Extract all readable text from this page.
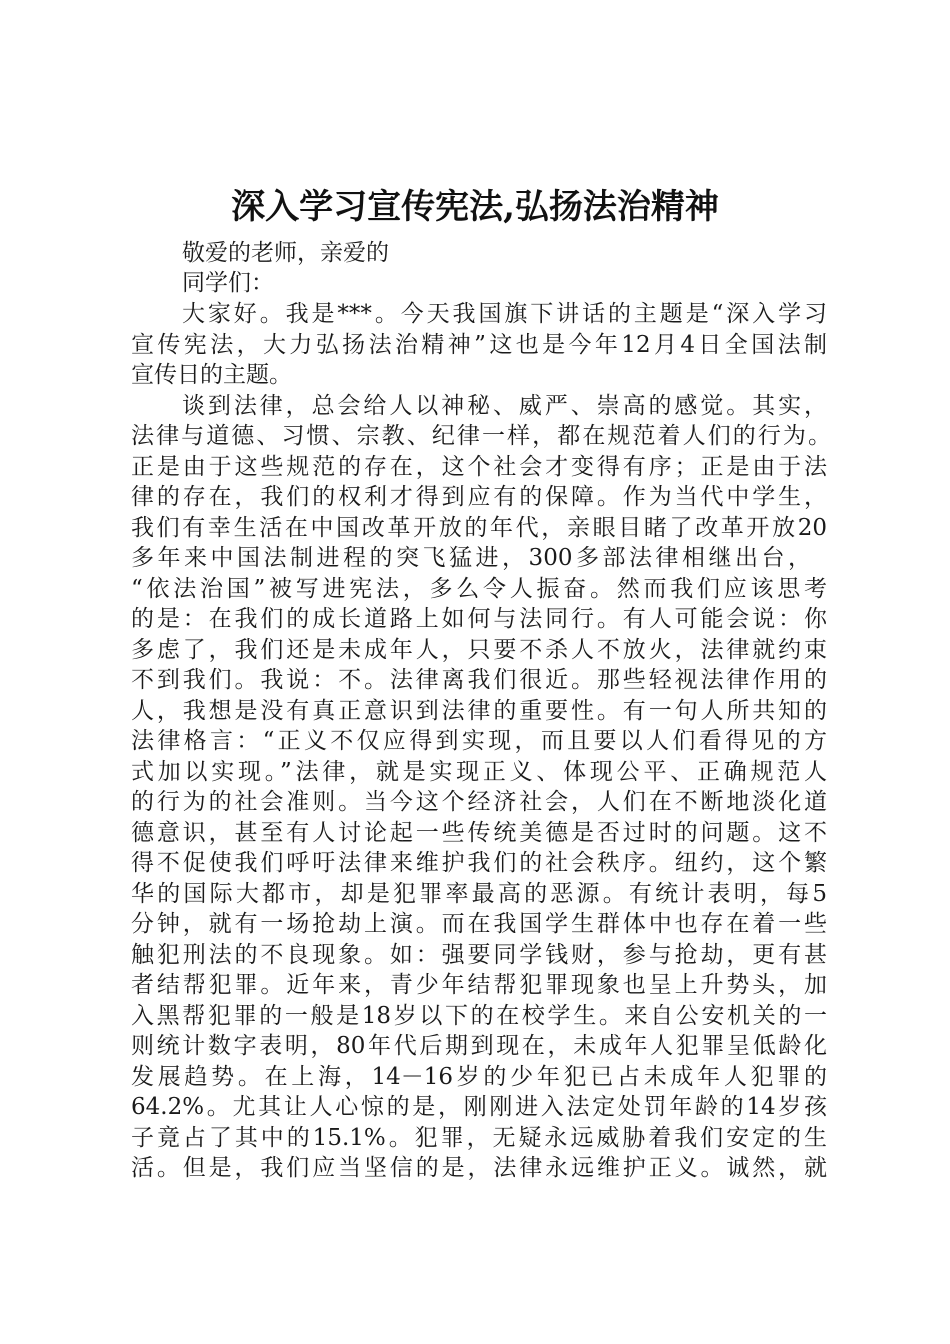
深入学习宣传宪法,弘扬法治精神

敬爱的老师，亲爱的

同学们：

大家好。我是***。今天我国旗下讲话的主题是“深入学习

宣传宪法，大力弘扬法治精神”这也是今年12月4日全国法制

宣传日的主题。

谈到法律，总会给人以神秘、威严、崇高的感觉。其实，

法律与道德、习惯、宗教、纪律一样，都在规范着人们的行为。

正是由于这些规范的存在，这个社会才变得有序；正是由于法

律的存在，我们的权利才得到应有的保障。作为当代中学生，

我们有幸生活在中国改革开放的年代，亲眼目睹了改革开放20

多年来中国法制进程的突飞猛进，300多部法律相继出台，

“依法治国”被写进宪法，多么令人振奋。然而我们应该思考

的是：在我们的成长道路上如何与法同行。有人可能会说：你

多虑了，我们还是未成年人，只要不杀人不放火，法律就约束

不到我们。我说：不。法律离我们很近。那些轻视法律作用的

人，我想是没有真正意识到法律的重要性。有一句人所共知的

法律格言：“正义不仅应得到实现，而且要以人们看得见的方

式加以实现。”法律，就是实现正义、体现公平、正确规范人

的行为的社会准则。当今这个经济社会，人们在不断地淡化道

德意识，甚至有人讨论起一些传统美德是否过时的问题。这不

得不促使我们呼吁法律来维护我们的社会秩序。纽约，这个繁

华的国际大都市，却是犯罪率最高的恶源。有统计表明，每5

分钟，就有一场抢劫上演。而在我国学生群体中也存在着一些

触犯刑法的不良现象。如：强要同学钱财，参与抢劫，更有甚

者结帮犯罪。近年来，青少年结帮犯罪现象也呈上升势头，加

入黑帮犯罪的一般是18岁以下的在校学生。来自公安机关的一

则统计数字表明，80年代后期到现在，未成年人犯罪呈低龄化

发展趋势。在上海，14－16岁的少年犯已占未成年人犯罪的

64.2%。尤其让人心惊的是，刚刚进入法定处罚年龄的14岁孩

子竟占了其中的15.1%。犯罪，无疑永远威胁着我们安定的生

活。但是，我们应当坚信的是，法律永远维护正义。诚然，就
